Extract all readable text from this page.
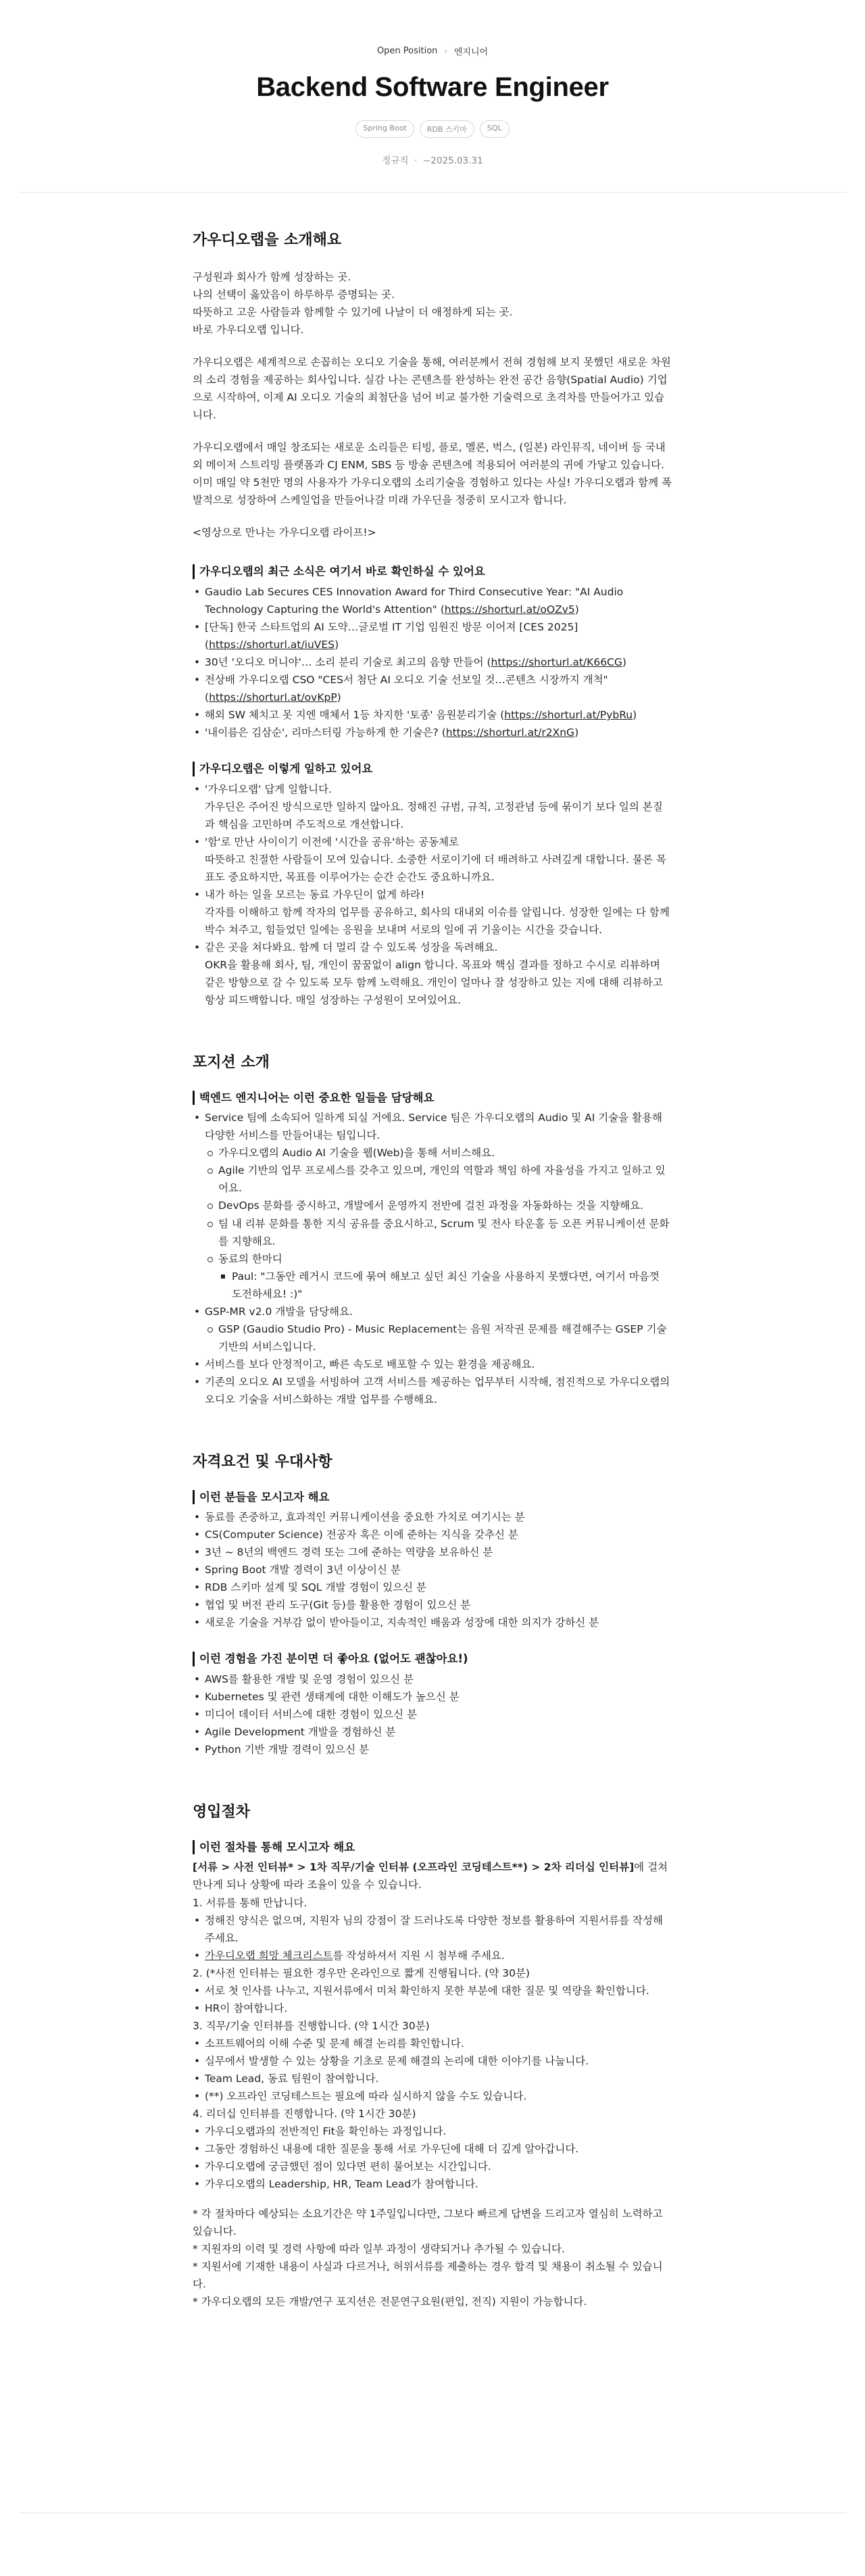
Open Position › 엔지니어
Backend Software Engineer
Spring Boot	RDB 스키마	SQL
정규직  ·  ~2025.03.31
가우디오랩을 소개해요

구성원과 회사가 함께 성장하는 곳.
나의 선택이 옳았음이 하루하루 증명되는 곳.
따뜻하고 고운 사람들과 함께할 수 있기에 나날이 더 애정하게 되는 곳.
바로 가우디오랩 입니다.

가우디오랩은 세계적으로 손꼽히는 오디오 기술을 통해, 여러분께서 전혀 경험해 보지 못했던 새로운 차원의 소리 경험을 제공하는 회사입니다. 실감 나는 콘텐츠를 완성하는 완전 공간 음향(Spatial Audio) 기업으로 시작하여, 이제 AI 오디오 기술의 최첨단을 넘어 비교 불가한 기술력으로 초격차를 만들어가고 있습니다.

가우디오랩에서 매일 창조되는 새로운 소리들은 티빙, 플로, 멜론, 벅스, (일본) 라인뮤직, 네이버 등 국내외 메이저 스트리밍 플랫폼과 CJ ENM, SBS 등 방송 콘텐츠에 적용되어 여러분의 귀에 가닿고 있습니다. 이미 매일 약 5천만 명의 사용자가 가우디오랩의 소리기술을 경험하고 있다는 사실! 가우디오랩과 함께 폭발적으로 성장하여 스케일업을 만들어나갈 미래 가우딘을 정중히 모시고자 합니다.

<영상으로 만나는 가우디오랩 라이프!>

가우디오랩의 최근 소식은 여기서 바로 확인하실 수 있어요
• Gaudio Lab Secures CES Innovation Award for Third Consecutive Year: "AI Audio Technology Capturing the World's Attention" (https://shorturl.at/oOZv5)
• [단독] 한국 스타트업의 AI 도약…글로벌 IT 기업 임원진 방문 이어져 [CES 2025] (https://shorturl.at/iuVES)
• 30년 '오디오 머니야'… 소리 분리 기술로 최고의 음향 만들어 (https://shorturl.at/K66CG)
• 전상배 가우디오랩 CSO "CES서 첨단 AI 오디오 기술 선보일 것…콘텐츠 시장까지 개척" (https://shorturl.at/ovKpP)
• 해외 SW 체치고 못 지엔 매체서 1등 차지한 '토종' 음원분리기술 (https://shorturl.at/PybRu)
• '내이름은 김삼순', 리마스터링 가능하게 한 기술은? (https://shorturl.at/r2XnG)
가우디오랩은 이렇게 일하고 있어요
• '가우디오랩' 답게 일합니다.
가우딘은 주어진 방식으로만 일하지 않아요. 정해진 규범, 규칙, 고정관념 등에 묶이기 보다 일의 본질과 핵심을 고민하며 주도적으로 개선합니다.
• '함'로 만난 사이이기 이전에 '시간을 공유'하는 공동체로
따뜻하고 친절한 사람들이 모여 있습니다. 소중한 서로이기에 더 배려하고 사려깊게 대합니다. 물론 목표도 중요하지만, 목표를 이루어가는 순간 순간도 중요하니까요.
• 내가 하는 일을 모르는 동료 가우딘이 없게 하라!
각자를 이해하고 함께 작자의 업무를 공유하고, 회사의 대내외 이슈를 알립니다. 성장한 일에는 다 함께 박수 쳐주고, 힘들었던 일에는 응원을 보내며 서로의 일에 귀 기울이는 시간을 갖습니다.
• 같은 곳을 쳐다봐요. 함께 더 멀리 갈 수 있도록 성장을 독려해요.
OKR을 활용해 회사, 팀, 개인이 꿈꿈없이 align 합니다. 목표와 핵심 결과를 정하고 수시로 리뷰하며 같은 방향으로 갈 수 있도록 모두 함께 노력해요. 개인이 얼마나 잘 성장하고 있는 지에 대해 리뷰하고 항상 피드백합니다. 매일 성장하는 구성원이 모여있어요.
포지션 소개
백엔드 엔지니어는 이런 중요한 일들을 담당해요
• Service 팀에 소속되어 일하게 되실 거에요. Service 팀은 가우디오랩의 Audio 및 AI 기술을 활용해 다양한 서비스를 만들어내는 팀입니다.
가우디오랩의 Audio AI 기술을 웹(Web)을 통해 서비스해요.
Agile 기반의 업무 프로세스를 갖추고 있으며, 개인의 역할과 책임 하에 자율성을 가지고 일하고 있어요.
DevOps 문화를 중시하고, 개발에서 운영까지 전반에 걸친 과정을 자동화하는 것을 지향해요.
팀 내 리뷰 문화를 통한 지식 공유를 중요시하고, Scrum 및 전사 타운홀 등 오픈 커뮤니케이션 문화를 지향해요.
동료의 한마디
Paul: "그동안 레거시 코드에 묶여 해보고 싶던 최신 기술을 사용하지 못했다면, 여기서 마음껏 도전하세요! :)"
• GSP-MR v2.0 개발을 담당해요.
GSP (Gaudio Studio Pro) - Music Replacement는 음원 저작권 문제를 해결해주는 GSEP 기술 기반의 서비스입니다.
• 서비스를 보다 안정적이고, 빠른 속도로 배포할 수 있는 환경을 제공해요.
• 기존의 오디오 AI 모델을 서빙하여 고객 서비스를 제공하는 업무부터 시작해, 점진적으로 가우디오랩의 오디오 기술을 서비스화하는 개발 업무를 수행해요.
자격요건 및 우대사항
이런 분들을 모시고자 해요
• 동료를 존중하고, 효과적인 커뮤니케이션을 중요한 가치로 여기시는 분
• CS(Computer Science) 전공자 혹은 이에 준하는 지식을 갖추신 분
• 3년 ~ 8년의 백엔드 경력 또는 그에 준하는 역량을 보유하신 분
• Spring Boot 개발 경력이 3년 이상이신 분
• RDB 스키마 설계 및 SQL 개발 경험이 있으신 분
• 협업 및 버전 관리 도구(Git 등)를 활용한 경험이 있으신 분
• 새로운 기술을 거부감 없이 받아들이고, 지속적인 배움과 성장에 대한 의지가 강하신 분
이런 경험을 가진 분이면 더 좋아요 (없어도 괜찮아요!)
• AWS를 활용한 개발 및 운영 경험이 있으신 분
• Kubernetes 및 관련 생태계에 대한 이해도가 높으신 분
• 미디어 데이터 서비스에 대한 경험이 있으신 분
• Agile Development 개발을 경험하신 분
• Python 기반 개발 경력이 있으신 분
영입절차
이런 절차를 통해 모시고자 해요

[서류 > 사전 인터뷰* > 1차 직무/기술 인터뷰 (오프라인 코딩테스트**) > 2차 리더십 인터뷰]에 걸쳐 만나게 되나 상황에 따라 조율이 있을 수 있습니다.

1. 서류를 통해 만납니다.
• 정해진 양식은 없으며, 지원자 님의 강점이 잘 드러나도록 다양한 정보를 활용하여 지원서류를 작성해주세요.
• 가우디오랩 희망 체크리스트를 작성하셔서 지원 시 첨부해 주세요.
2. (*사전 인터뷰는 필요한 경우만 온라인으로 짧게 진행됩니다. (약 30분)
• 서로 첫 인사를 나누고, 지원서류에서 미처 확인하지 못한 부분에 대한 질문 및 역량을 확인합니다.
• HR이 참여합니다.
3. 직무/기술 인터뷰를 진행합니다. (약 1시간 30분)
• 소프트웨어의 이해 수준 및 문제 해결 논리를 확인합니다.
• 실무에서 발생할 수 있는 상황을 기초로 문제 해결의 논리에 대한 이야기를 나눕니다.
• Team Lead, 동료 팀원이 참여합니다.
• (**) 오프라인 코딩테스트는 필요에 따라 실시하지 않을 수도 있습니다.
4. 리더십 인터뷰를 진행합니다. (약 1시간 30분)
• 가우디오랩과의 전반적인 Fit을 확인하는 과정입니다.
• 그동안 경험하신 내용에 대한 질문을 통해 서로 가우딘에 대해 더 깊게 알아갑니다.
• 가우디오랩에 궁금했던 점이 있다면 편히 물어보는 시간입니다.
• 가우디오랩의 Leadership, HR, Team Lead가 참여합니다.
* 각 절차마다 예상되는 소요기간은 약 1주일입니다만, 그보다 빠르게 답변을 드리고자 열심히 노력하고 있습니다.
* 지원자의 이력 및 경력 사항에 따라 일부 과정이 생략되거나 추가될 수 있습니다.
* 지원서에 기재한 내용이 사실과 다르거나, 허위서류를 제출하는 경우 합격 및 채용이 취소될 수 있습니다.
* 가우디오랩의 모든 개발/연구 포지션은 전문연구요원(편입, 전직) 지원이 가능합니다.
